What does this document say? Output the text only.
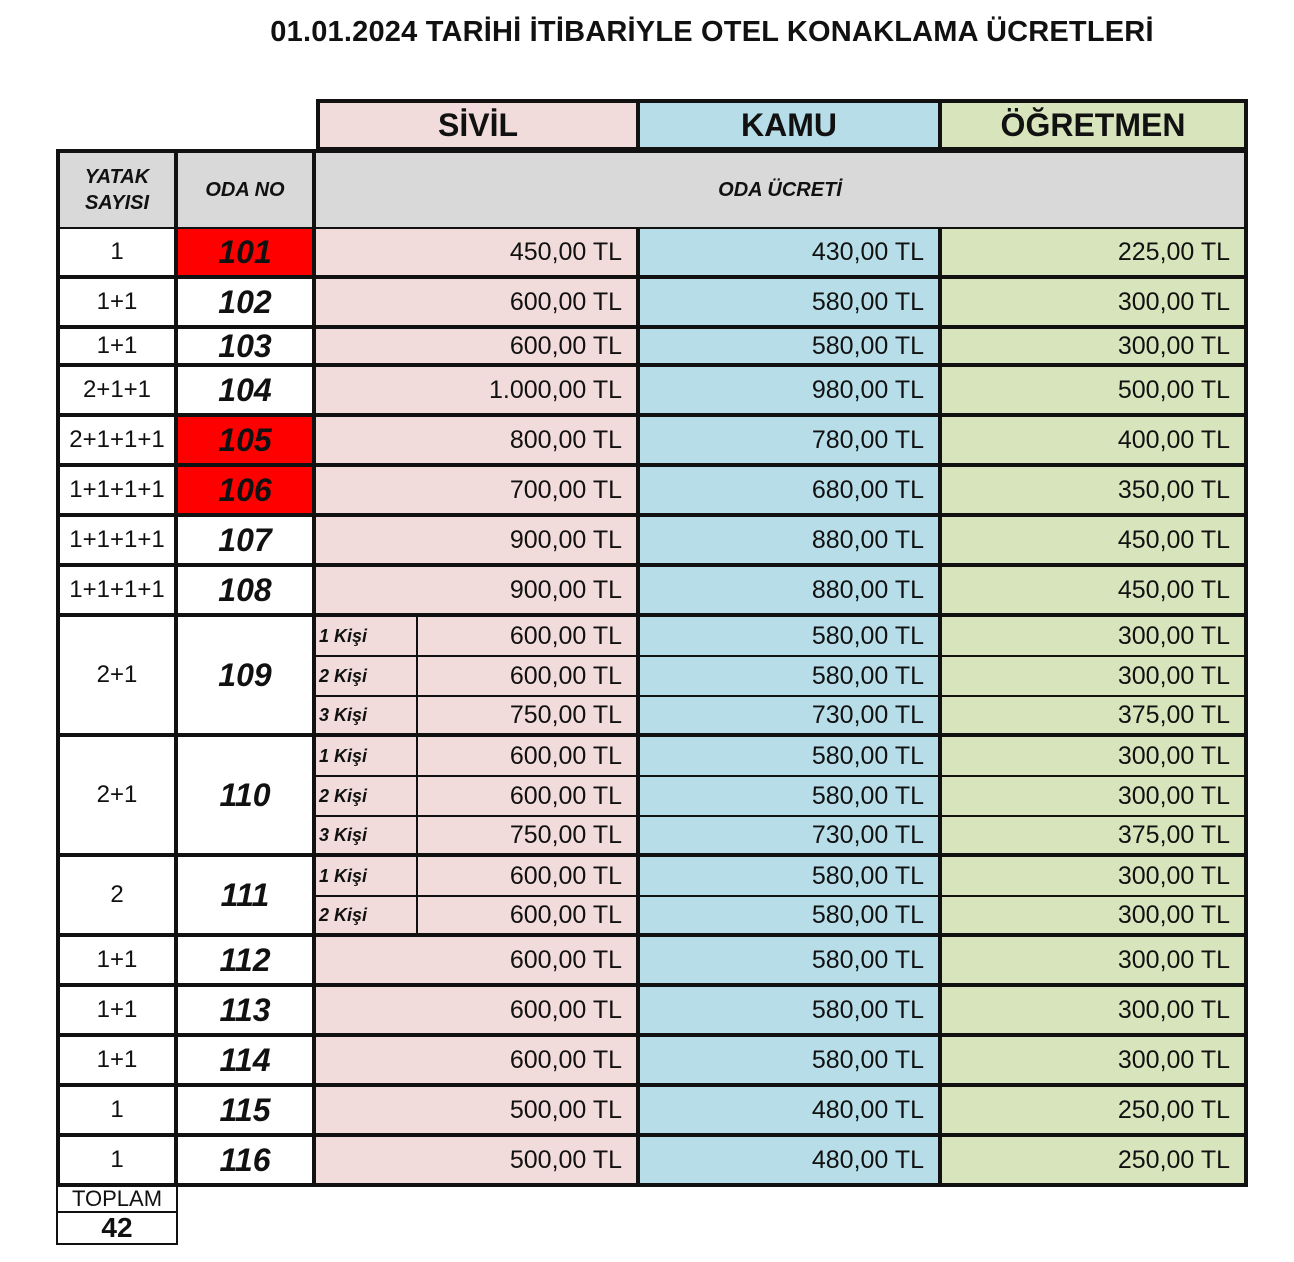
01.01.2024 TARİHİ İTİBARİYLE OTEL KONAKLAMA ÜCRETLERİ
SİVİL	KAMU	ÖĞRETMEN
YATAK SAYISI
ODA NO	ODA ÜCRETİ
1	101	450,00 TL	430,00 TL	225,00 TL
1+1	102	600,00 TL	580,00 TL	300,00 TL
1+1	103	600,00 TL	580,00 TL	300,00 TL
2+1+1 104	1.000,00 TL	980,00 TL	500,00 TL
2+1+1+1 105	800,00 TL	780,00 TL	400,00 TL
1+1+1+1 106	700,00 TL	680,00 TL	350,00 TL
1+1+1+1 107	900,00 TL	880,00 TL	450,00 TL
1+1+1+1 108	900,00 TL	880,00 TL	450,00 TL
2+1	109
1 Kişi	600,00 TL	580,00 TL	300,00 TL
2 Kişi	600,00 TL	580,00 TL	300,00 TL
3 Kişi	750,00 TL	730,00 TL	375,00 TL
2+1	110
1 Kişi	600,00 TL	580,00 TL	300,00 TL
2 Kişi	600,00 TL	580,00 TL	300,00 TL
3 Kişi	750,00 TL	730,00 TL	375,00 TL
2	111
1 Kişi	600,00 TL	580,00 TL	300,00 TL
2 Kişi	600,00 TL	580,00 TL	300,00 TL
1+1	112	600,00 TL	580,00 TL	300,00 TL
1+1	113	600,00 TL	580,00 TL	300,00 TL
1+1	114	600,00 TL	580,00 TL	300,00 TL
1	115	500,00 TL	480,00 TL	250,00 TL
1	116	500,00 TL	480,00 TL	250,00 TL
TOPLAM
42
